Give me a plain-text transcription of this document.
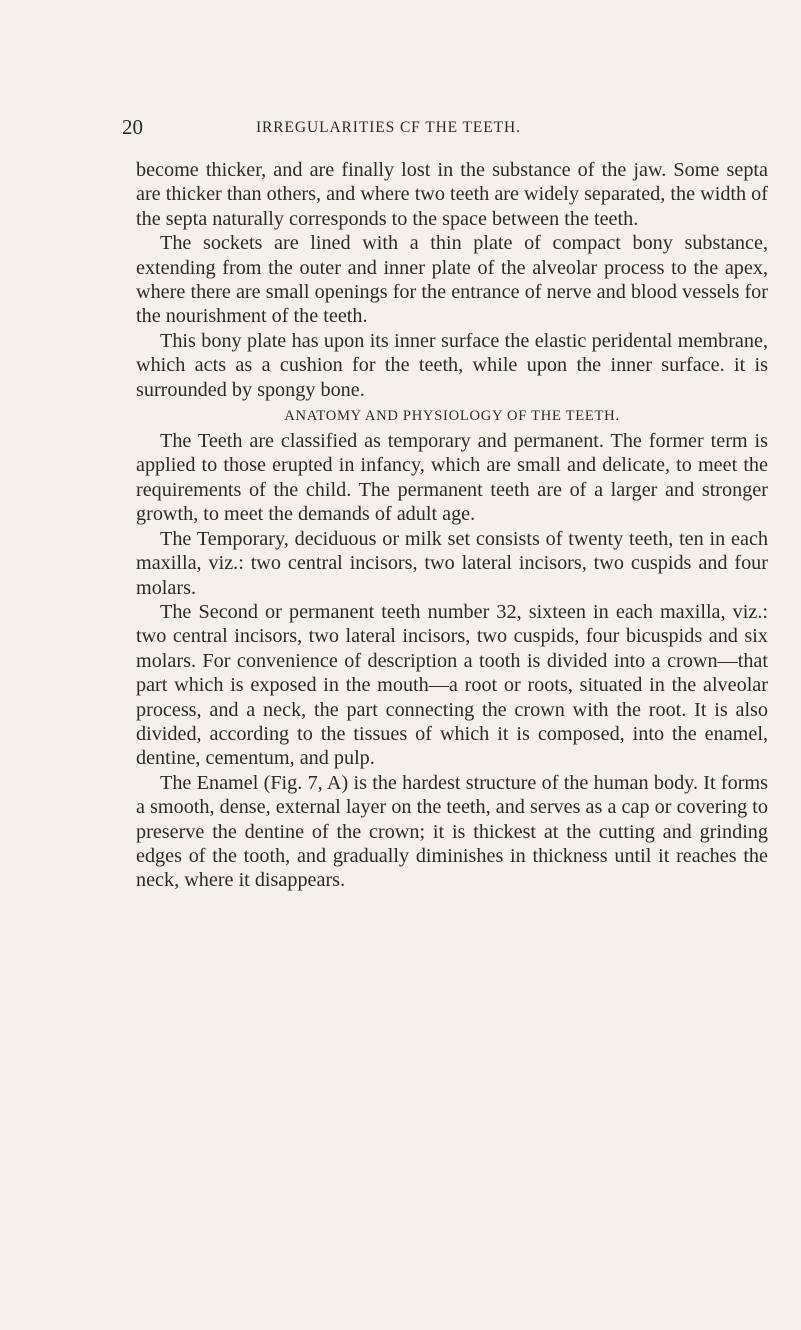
20	IRREGULARITIES CF THE TEETH.

become thicker, and are finally lost in the substance of the jaw. Some septa are thicker than others, and where two teeth are widely separated, the width of the septa naturally corresponds to the space between the teeth.

The sockets are lined with a thin plate of compact bony substance, extending from the outer and inner plate of the alveolar process to the apex, where there are small openings for the entrance of nerve and blood vessels for the nourishment of the teeth.

This bony plate has upon its inner surface the elastic peridental membrane, which acts as a cushion for the teeth, while upon the inner surface. it is surrounded by spongy bone.

ANATOMY AND PHYSIOLOGY OF THE TEETH.

The Teeth are classified as temporary and permanent. The former term is applied to those erupted in infancy, which are small and delicate, to meet the requirements of the child. The permanent teeth are of a larger and stronger growth, to meet the demands of adult age.

The Temporary, deciduous or milk set consists of twenty teeth, ten in each maxilla, viz.: two central incisors, two lateral incisors, two cuspids and four molars.

The Second or permanent teeth number 32, sixteen in each maxilla, viz.: two central incisors, two lateral incisors, two cuspids, four bicuspids and six molars. For convenience of description a tooth is divided into a crown—that part which is exposed in the mouth—a root or roots, situated in the alveolar process, and a neck, the part connecting the crown with the root. It is also divided, according to the tissues of which it is composed, into the enamel, dentine, cementum, and pulp.

The Enamel (Fig. 7, A) is the hardest structure of the human body. It forms a smooth, dense, external layer on the teeth, and serves as a cap or covering to preserve the dentine of the crown; it is thickest at the cutting and grinding edges of the tooth, and gradually diminishes in thickness until it reaches the neck, where it disappears.
